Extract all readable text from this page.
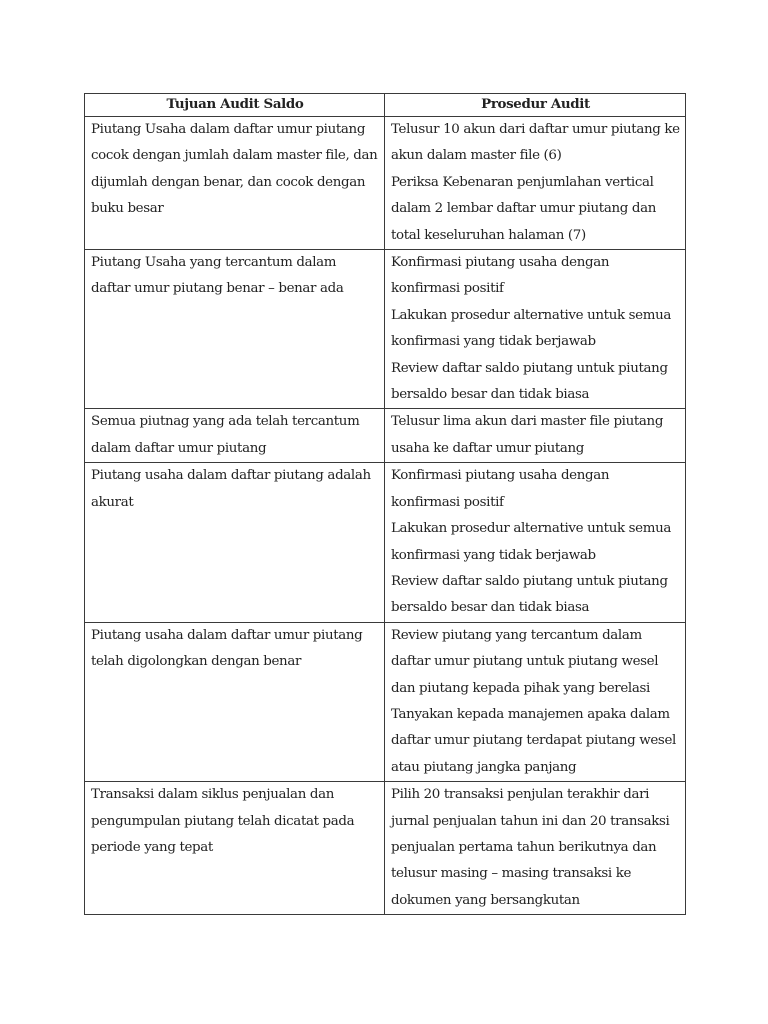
Tujuan Audit Saldo	Prosedur Audit
Piutang Usaha dalam daftar umur piutang cocok dengan jumlah dalam master file, dan dijumlah dengan benar, dan cocok dengan buku besar	Telusur 10 akun dari daftar umur piutang ke akun dalam master file (6)
Periksa Kebenaran penjumlahan vertical dalam 2 lembar daftar umur piutang dan total keseluruhan halaman (7)

Piutang Usaha yang tercantum dalam daftar umur piutang benar – benar ada	Konfirmasi piutang usaha dengan konfirmasi positif
Lakukan prosedur alternative untuk semua konfirmasi yang tidak berjawab
Review daftar saldo piutang untuk piutang bersaldo besar dan tidak biasa

Semua piutnag yang ada telah tercantum dalam daftar umur piutang	Telusur lima akun dari master file piutang usaha ke daftar umur piutang

Piutang usaha dalam daftar piutang adalah akurat	Konfirmasi piutang usaha dengan konfirmasi positif
Lakukan prosedur alternative untuk semua konfirmasi yang tidak berjawab
Review daftar saldo piutang untuk piutang bersaldo besar dan tidak biasa

Piutang usaha dalam daftar umur piutang telah digolongkan dengan benar	Review piutang yang tercantum dalam daftar umur piutang untuk piutang wesel dan piutang kepada pihak yang berelasi
Tanyakan kepada manajemen apaka dalam daftar umur piutang terdapat piutang wesel atau piutang jangka panjang

Transaksi dalam siklus penjualan dan pengumpulan piutang telah dicatat pada periode yang tepat	Pilih 20 transaksi penjulan terakhir dari jurnal penjualan tahun ini dan 20 transaksi penjualan pertama tahun berikutnya dan telusur masing – masing transaksi ke dokumen yang bersangkutan
